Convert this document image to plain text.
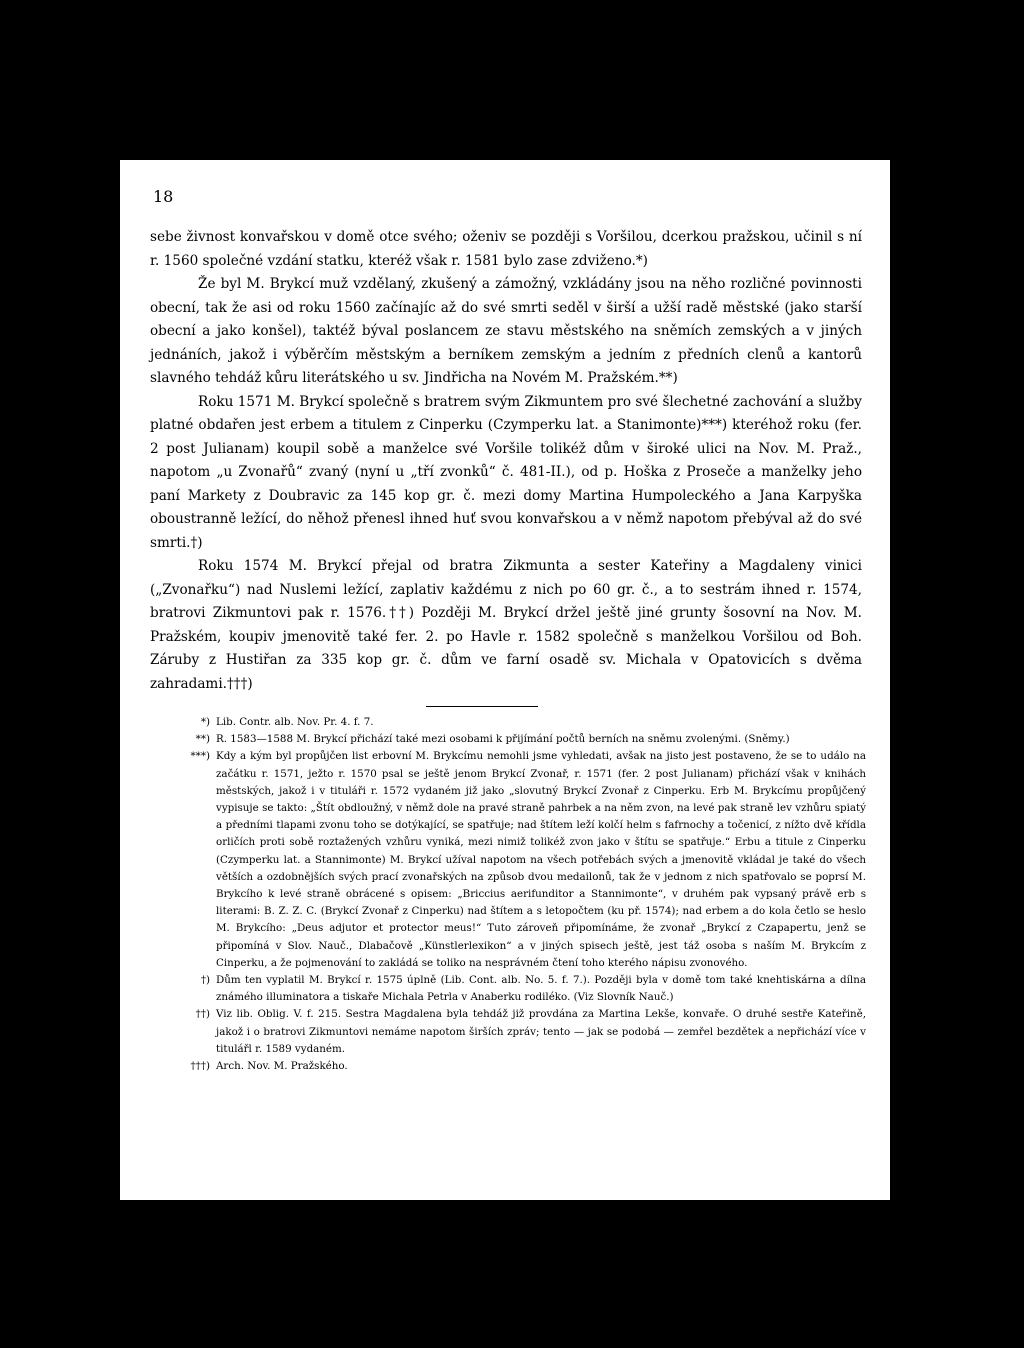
18

sebe živnost konvařskou v domě otce svého; oženiv se později s Voršilou, dcerkou pražskou, učinil s ní r. 1560 společné vzdání statku, kteréž však r. 1581 bylo zase zdviženo.*)

Že byl M. Brykcí muž vzdělaný, zkušený a zámožný, vzkládány jsou na něho rozličné povinnosti obecní, tak že asi od roku 1560 začínajíc až do své smrti seděl v širší a užší radě městské (jako starší obecní a jako konšel), taktéž býval poslancem ze stavu městského na sněmích zemských a v jiných jednáních, jakož i výběrčím městským a berníkem zemským a jedním z předních clenů a kantorů slavného tehdáž kůru literátského u sv. Jindřicha na Novém M. Pražském.**)

Roku 1571 M. Brykcí společně s bratrem svým Zikmuntem pro své šlechetné zachování a služby platné obdařen jest erbem a titulem z Cinperku (Czymperku lat. a Stanimonte)***) kteréhož roku (fer. 2 post Julianam) koupil sobě a manželce své Voršile tolikéž dům v široké ulici na Nov. M. Praž., napotom „u Zvonařů“ zvaný (nyní u „tří zvonků“ č. 481-II.), od p. Hoška z Proseče a manželky jeho paní Markety z Doubravic za 145 kop gr. č. mezi domy Martina Humpoleckého a Jana Karpyška oboustranně ležící, do něhož přenesl ihned huť svou konvařskou a v němž napotom přebýval až do své smrti.†)

Roku 1574 M. Brykcí přejal od bratra Zikmunta a sester Kateřiny a Magdaleny vinici („Zvonařku“) nad Nuslemi ležící, zaplativ každému z nich po 60 gr. č., a to sestrám ihned r. 1574, bratrovi Zikmuntovi pak r. 1576.††) Později M. Brykcí držel ještě jiné grunty šosovní na Nov. M. Pražském, koupiv jmenovitě také fer. 2. po Havle r. 1582 společně s manželkou Voršilou od Boh. Záruby z Hustiřan za 335 kop gr. č. dům ve farní osadě sv. Michala v Opatovicích s dvěma zahradami.†††)

*) Lib. Contr. alb. Nov. Pr. 4. f. 7.
**) R. 1583—1588 M. Brykcí přichází také mezi osobami k přijímání počtů berních na sněmu zvolenými. (Sněmy.)
***) Kdy a kým byl propůjčen list erbovní M. Brykcímu nemohli jsme vyhledati, avšak na jisto jest postaveno, že se to událo na začátku r. 1571, ježto r. 1570 psal se ještě jenom Brykcí Zvonař, r. 1571 (fer. 2 post Julianam) přichází však v knihách městských, jakož i v tituláři r. 1572 vydaném již jako „slovutný Brykcí Zvonař z Cinperku. Erb M. Brykcímu propůjčený vypisuje se takto: „Štít obdloužný, v němž dole na pravé straně pahrbek a na něm zvon, na levé pak straně lev vzhůru spiatý a předními tlapami zvonu toho se dotýkající, se spatřuje; nad štítem leží kolčí helm s fafrnochy a točenicí, z nížto dvě křídla orličích proti sobě roztažených vzhůru vyniká, mezi nimiž tolikéž zvon jako v štítu se spatřuje.“ Erbu a titule z Cinperku (Czymperku lat. a Stannimonte) M. Brykcí užíval napotom na všech potřebách svých a jmenovitě vkládal je také do všech větších a ozdobnějších svých prací zvonařských na způsob dvou medailonů, tak že v jednom z nich spatřovalo se poprsí M. Brykcího k levé straně obrácené s opisem: „Briccius aerifunditor a Stannimonte“, v druhém pak vypsaný právě erb s literami: B. Z. Z. C. (Brykcí Zvonař z Cinperku) nad štítem a s letopočtem (ku př. 1574); nad erbem a do kola četlo se heslo M. Brykcího: „Deus adjutor et protector meus!“ Tuto zároveň připomínáme, že zvonař „Brykcí z Czapapertu, jenž se připomíná v Slov. Nauč., Dlabačově „Künstlerlexikon“ a v jiných spisech ještě, jest táž osoba s naším M. Brykcím z Cinperku, a že pojmenování to zakládá se toliko na nesprávném čtení toho kterého nápisu zvonového.
†) Dům ten vyplatil M. Brykcí r. 1575 úplně (Lib. Cont. alb. No. 5. f. 7.). Později byla v domě tom také knehtiskárna a dílna známého illuminatora a tiskaře Michala Petrla v Anaberku rodiléko. (Viz Slovník Nauč.)
††) Viz lib. Oblig. V. f. 215. Sestra Magdalena byla tehdáž již provdána za Martina Lekše, konvaře. O druhé sestře Kateřině, jakož i o bratrovi Zikmuntovi nemáme napotom širších zpráv; tento — jak se podobá — zemřel bezdětek a nepřichází více v titulářl r. 1589 vydaném.
†††) Arch. Nov. M. Pražského.
